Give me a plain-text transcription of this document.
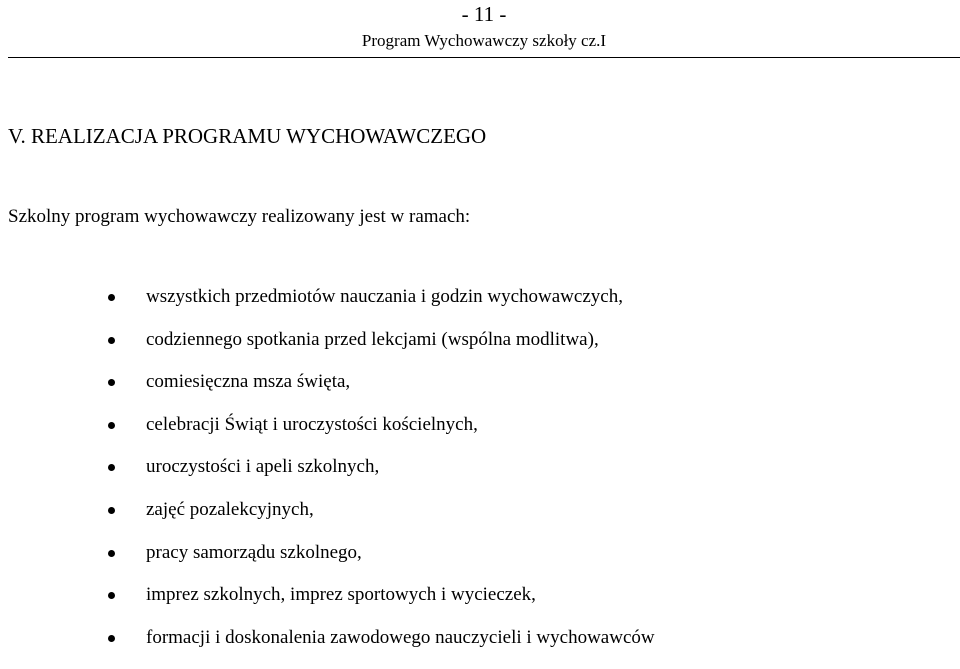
- 11 -
Program Wychowawczy szkoły cz.I
V. REALIZACJA PROGRAMU WYCHOWAWCZEGO

Szkolny program wychowawczy realizowany jest w ramach:

wszystkich przedmiotów nauczania i godzin wychowawczych,
codziennego spotkania przed lekcjami (wspólna modlitwa),
comiesięczna msza święta,
celebracji Świąt i uroczystości kościelnych,
uroczystości i apeli szkolnych,
zajęć pozalekcyjnych,
pracy samorządu szkolnego,
imprez szkolnych, imprez sportowych i wycieczek,
formacji i doskonalenia zawodowego nauczycieli i wychowawców
